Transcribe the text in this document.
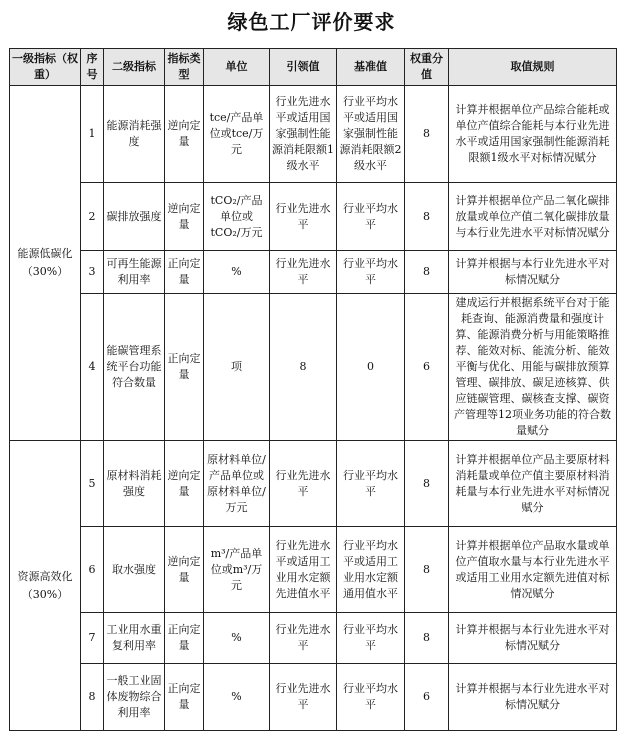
绿色工厂评价要求
一级指标（权重）	序号	二级指标	指标类型	单位	引领值	基准值	权重分值	取值规则

能源低碳化
（30%）	1	能源消耗强度	逆向定量	tce/产品单位或tce/万元	行业先进水平或适用国家强制性能源消耗限额1级水平	行业平均水平或适用国家强制性能源消耗限额2级水平	8	计算并根据单位产品综合能耗或单位产值综合能耗与本行业先进水平或适用国家强制性能源消耗限额1级水平对标情况赋分
	2	碳排放强度	逆向定量	tCO₂/产品单位或tCO₂/万元	行业先进水平	行业平均水平	8	计算并根据单位产品二氧化碳排放量或单位产值二氧化碳排放量与本行业先进水平对标情况赋分
	3	可再生能源利用率	正向定量	%	行业先进水平	行业平均水平	8	计算并根据与本行业先进水平对标情况赋分
	4	能碳管理系统平台功能符合数量	正向定量	项	8	0	6	建成运行并根据系统平台对于能耗查询、能源消费量和强度计算、能源消费分析与用能策略推荐、能效对标、能流分析、能效平衡与优化、用能与碳排放预算管理、碳排放、碳足迹核算、供应链碳管理、碳核查支撑、碳资产管理等12项业务功能的符合数量赋分

资源高效化
（30%）	5	原材料消耗强度	逆向定量	原材料单位/产品单位或原材料单位/万元	行业先进水平	行业平均水平	8	计算并根据单位产品主要原材料消耗量或单位产值主要原材料消耗量与本行业先进水平对标情况赋分
	6	取水强度	逆向定量	m³/产品单位或m³/万元	行业先进水平或适用工业用水定额先进值水平	行业平均水平或适用工业用水定额通用值水平	8	计算并根据单位产品取水量或单位产值取水量与本行业先进水平或适用工业用水定额先进值对标情况赋分
	7	工业用水重复利用率	正向定量	%	行业先进水平	行业平均水平	8	计算并根据与本行业先进水平对标情况赋分
	8	一般工业固体废物综合利用率	正向定量	%	行业先进水平	行业平均水平	6	计算并根据与本行业先进水平对标情况赋分
